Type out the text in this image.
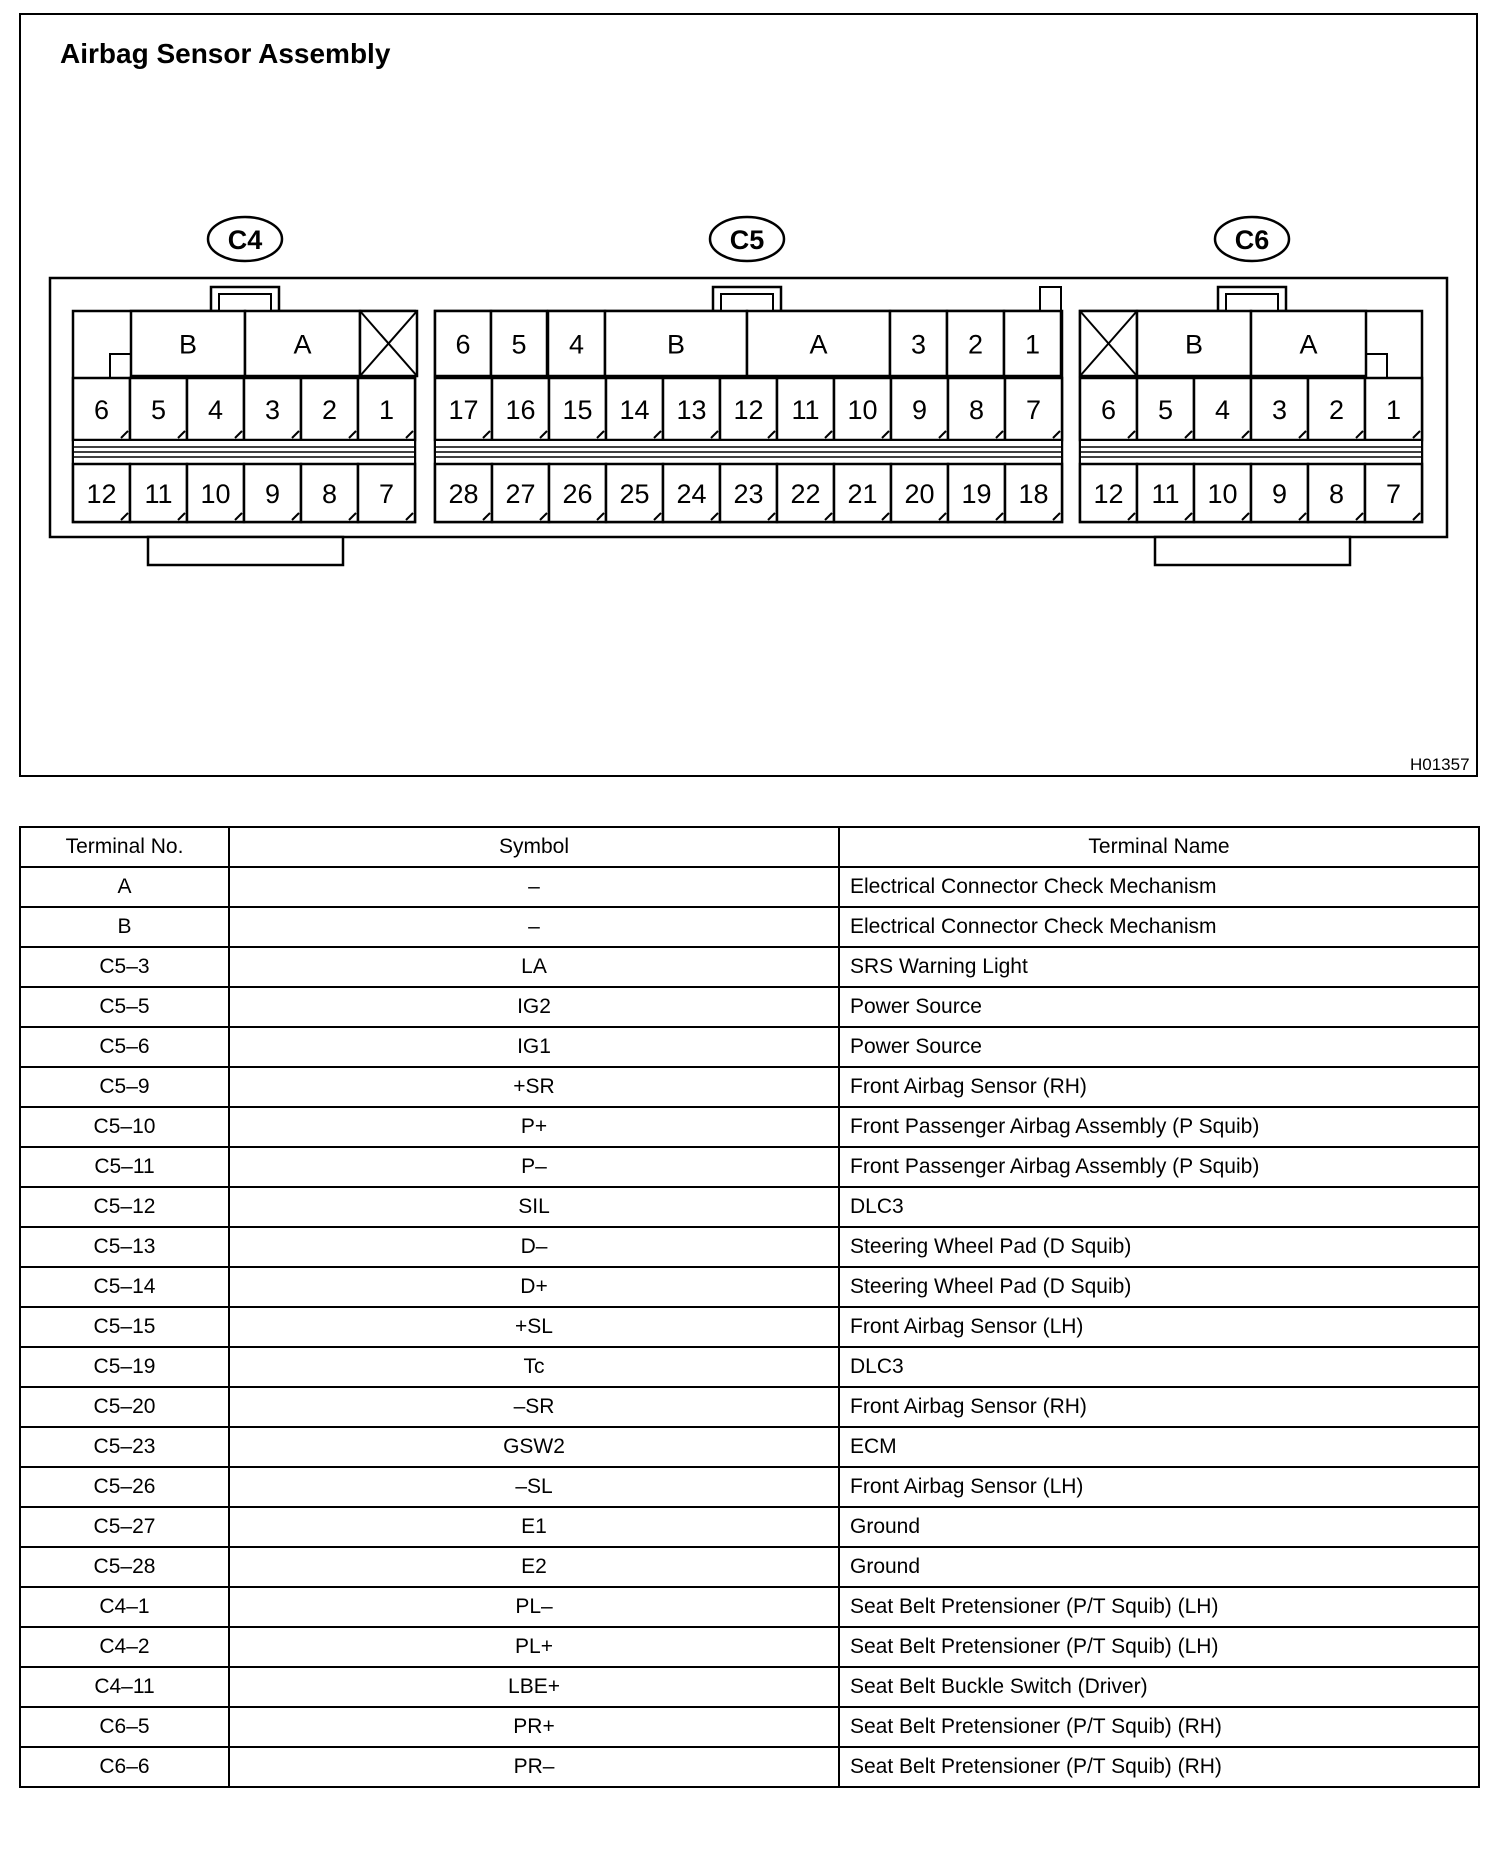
Airbag Sensor Assembly
C4
B	A
6 5 4 3 2 1
12 11 10 9 8 7
C5
6 5 4	B	A	3 2 1
17 16 15 14 13 12 11 10 9 8 7
28 27 26 25 24 23 22 21 20 19 18
C6
B	A
6 5 4 3 2 1
12 11 10 9 8 7
H01357
Terminal No.	Symbol	Terminal Name
A	–	Electrical Connector Check Mechanism
B	–	Electrical Connector Check Mechanism
C5–3	LA	SRS Warning Light
C5–5	IG2	Power Source
C5–6	IG1	Power Source
C5–9	+SR	Front Airbag Sensor (RH)
C5–10	P+	Front Passenger Airbag Assembly (P Squib)
C5–11	P–	Front Passenger Airbag Assembly (P Squib)
C5–12	SIL	DLC3
C5–13	D–	Steering Wheel Pad (D Squib)
C5–14	D+	Steering Wheel Pad (D Squib)
C5–15	+SL	Front Airbag Sensor (LH)
C5–19	Tc	DLC3
C5–20	–SR	Front Airbag Sensor (RH)
C5–23	GSW2	ECM
C5–26	–SL	Front Airbag Sensor (LH)
C5–27	E1	Ground
C5–28	E2	Ground
C4–1	PL–	Seat Belt Pretensioner (P/T Squib) (LH)
C4–2	PL+	Seat Belt Pretensioner (P/T Squib) (LH)
C4–11	LBE+	Seat Belt Buckle Switch (Driver)
C6–5	PR+	Seat Belt Pretensioner (P/T Squib) (RH)
C6–6	PR–	Seat Belt Pretensioner (P/T Squib) (RH)
